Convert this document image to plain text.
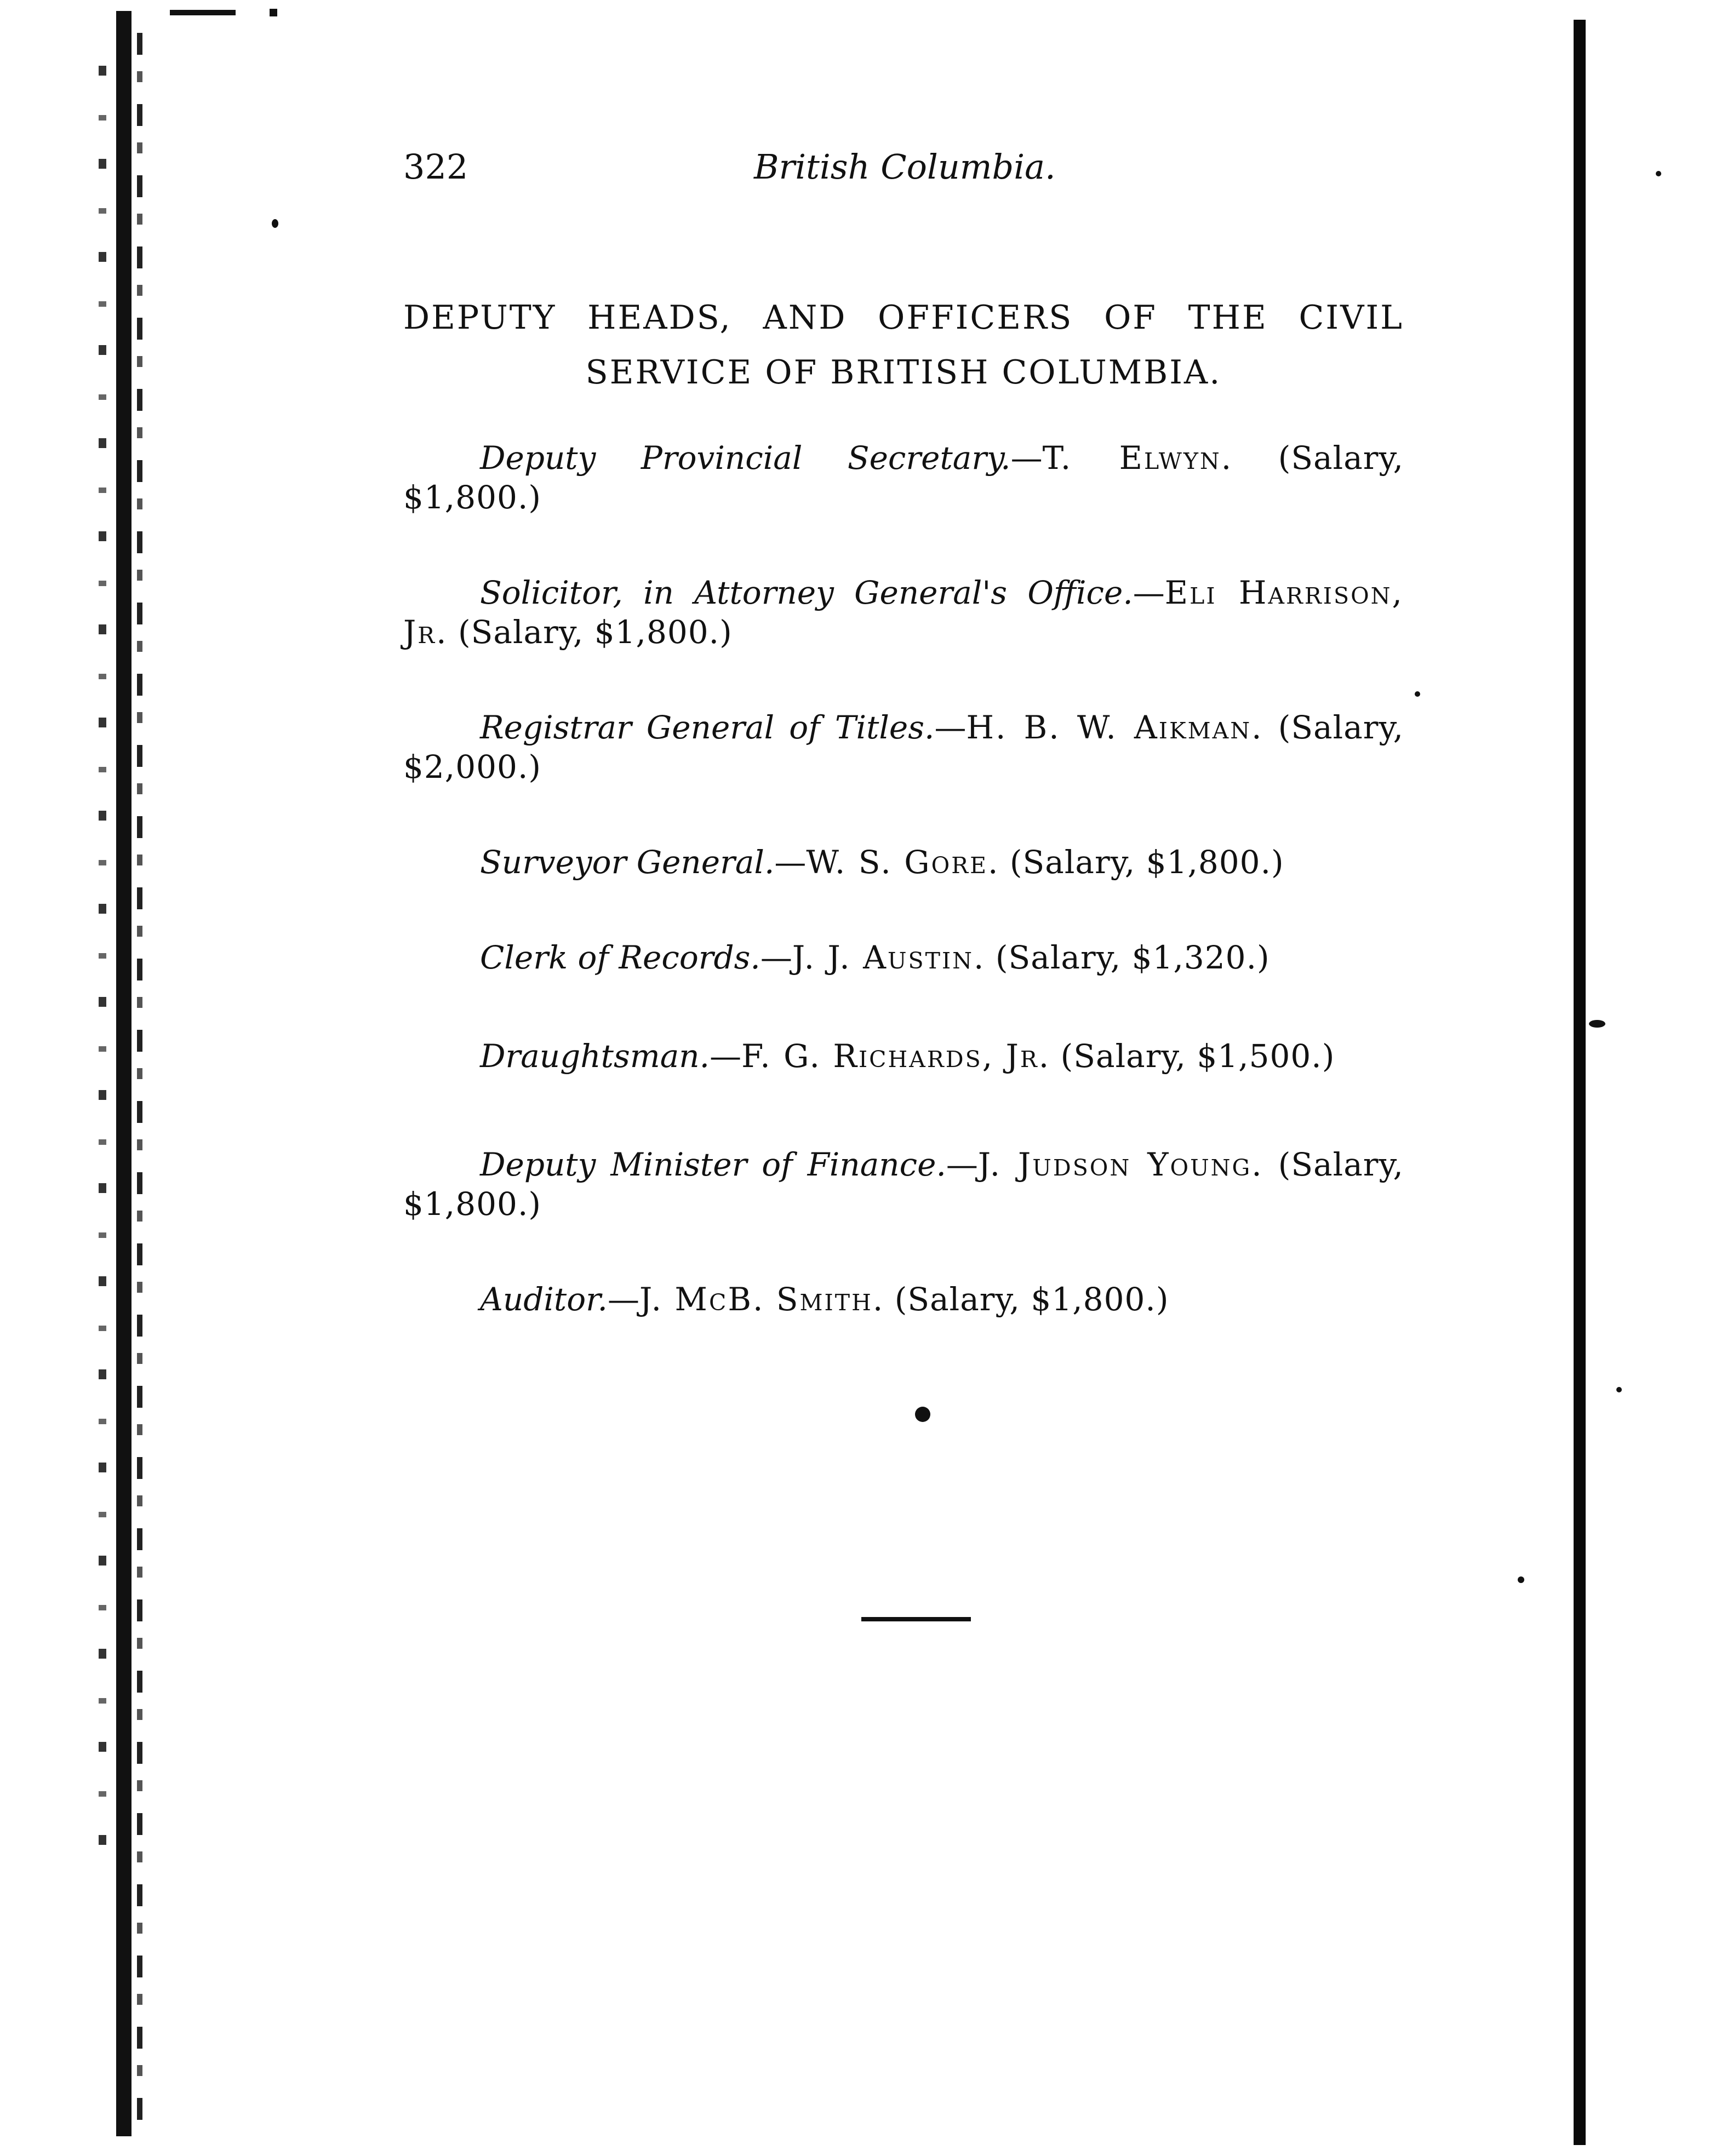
322	British Columbia.
DEPUTY HEADS, AND OFFICERS OF THE CIVIL
SERVICE OF BRITISH COLUMBIA.

Deputy Provincial Secretary.—T. Elwyn. (Salary, $1,800.)

Solicitor, in Attorney General's Office.—Eli Harrison, Jr. (Salary, $1,800.)

Registrar General of Titles.—H. B. W. Aikman. (Salary, $2,000.)

Surveyor General.—W. S. Gore. (Salary, $1,800.)

Clerk of Records.—J. J. Austin. (Salary, $1,320.)

Draughtsman.—F. G. Richards, Jr. (Salary, $1,500.)

Deputy Minister of Finance.—J. Judson Young. (Salary, $1,800.)

Auditor.—J. McB. Smith. (Salary, $1,800.)
